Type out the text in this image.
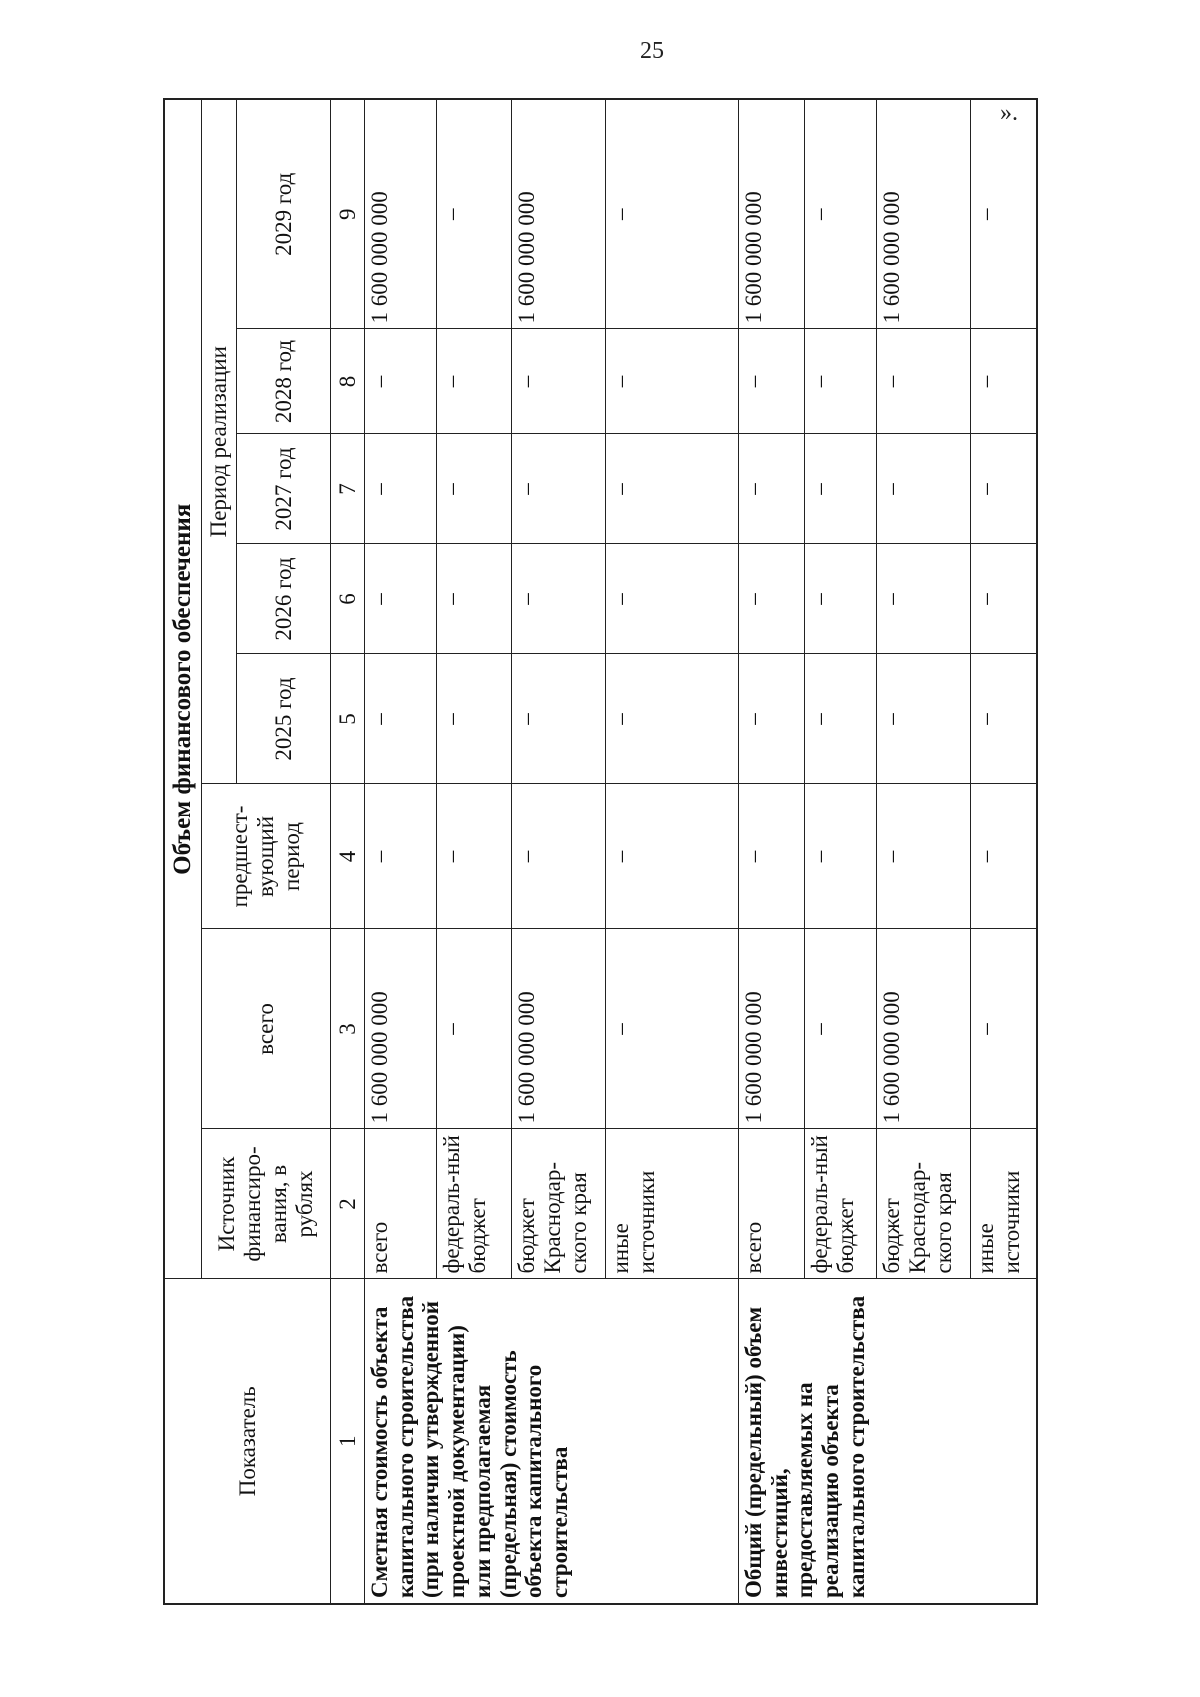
25
».
Показатель	Объем финансового обеспечения							
	Источник финансиро-вания, в рублях	всего	предшест-вующий период	Период реализации				
				2025 год	2026 год	2027 год	2028 год	2029 год
1	2	3	4	5	6	7	8	9
Сметная стоимость объекта капитального строительства (при наличии утвержденной проектной документации) или предполагаемая (предельная) стоимость объекта капитального строительства	всего	1 600 000 000	–	–	–	–	–	1 600 000 000
	федераль-ный бюджет	–	–	–	–	–	–	–
	бюджет Краснодар-ского края	1 600 000 000	–	–	–	–	–	1 600 000 000
	иные источники	–	–	–	–	–	–	–
Общий (предельный) объем инвестиций, предоставляемых на реализацию объекта капитального строительства	всего	1 600 000 000	–	–	–	–	–	1 600 000 000
	федераль-ный бюджет	–	–	–	–	–	–	–
	бюджет Краснодар-ского края	1 600 000 000	–	–	–	–	–	1 600 000 000
	иные источники	–	–	–	–	–	–	–
